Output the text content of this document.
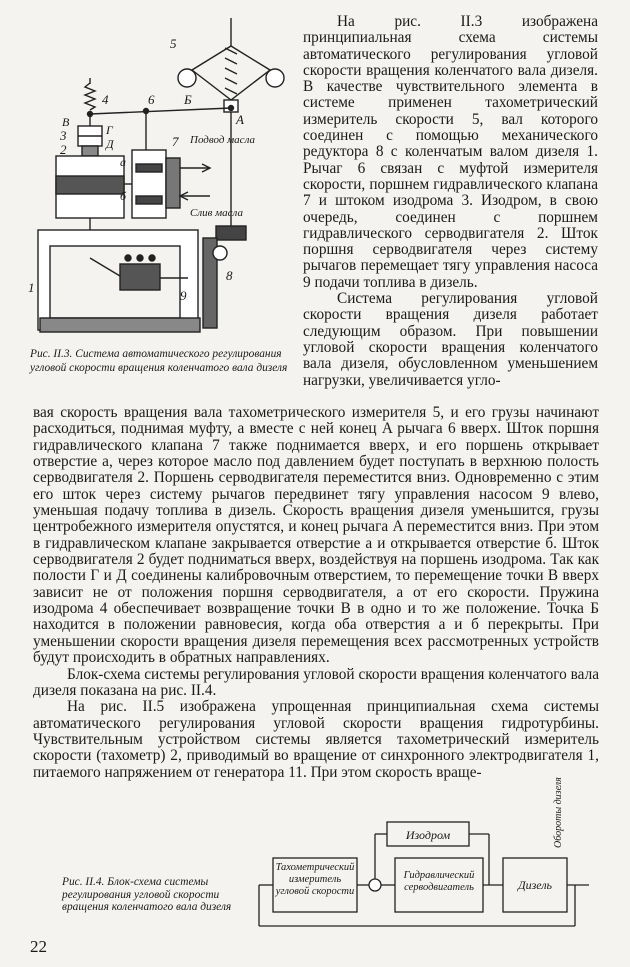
5
4	6 Б
A
В
Г
3
Д
2
7
а
б
8
1
9
Подвод масла
Слив масла
Рис. II.3. Система автоматического регулирования угловой скорости вращения коленчатого вала дизеля

На рис. II.3 изображена принципиальная схема системы автоматического регулирования угловой скорости вращения коленчатого вала дизеля. В качестве чувствительного элемента в системе применен тахометрический измеритель скорости 5, вал которого соединен с помощью механического редуктора 8 с коленчатым валом дизеля 1. Рычаг 6 связан с муфтой измерителя скорости, поршнем гидравлического клапана 7 и штоком изодрома 3. Изодром, в свою очередь, соединен с поршнем гидравлического серводвигателя 2. Шток поршня серводвигателя через систему рычагов перемещает тягу управления насоса 9 подачи топлива в дизель.

Система регулирования угловой скорости вращения дизеля работает следующим образом. При повышении угловой скорости вращения коленчатого вала дизеля, обусловленном уменьшением нагрузки, увеличивается угло-

вая скорость вращения вала тахометрического измерителя 5, и его грузы начинают расходиться, поднимая муфту, а вместе с ней конец A рычага 6 вверх. Шток поршня гидравлического клапана 7 также поднимается вверх, и его поршень открывает отверстие а, через которое масло под давлением будет поступать в верхнюю полость серводвигателя 2. Поршень серводвигателя переместится вниз. Одновременно с этим его шток через систему рычагов передвинет тягу управления насосом 9 влево, уменьшая подачу топлива в дизель. Скорость вращения дизеля уменьшится, грузы центробежного измерителя опустятся, и конец рычага A переместится вниз. При этом в гидравлическом клапане закрывается отверстие а и открывается отверстие б. Шток серводвигателя 2 будет подниматься вверх, воздействуя на поршень изодрома. Так как полости Г и Д соединены калибровочным отверстием, то перемещение точки В вверх зависит не от положения поршня серводвигателя, а от его скорости. Пружина изодрома 4 обеспечивает возвращение точки В в одно и то же положение. Точка Б находится в положении равновесия, когда оба отверстия а и б перекрыты. При уменьшении скорости вращения дизеля перемещения всех рассмотренных устройств будут происходить в обратных направлениях.

Блок-схема системы регулирования угловой скорости вращения коленчатого вала дизеля показана на рис. II.4.

На рис. II.5 изображена упрощенная принципиальная схема системы автоматического регулирования угловой скорости вращения гидротурбины. Чувствительным устройством системы является тахометрический измеритель скорости (тахометр) 2, приводимый во вращение от синхронного электродвигателя 1, питаемого напряжением от генератора 11. При этом скорость враще-

Изодром
Тахометрический измеритель угловой скорости
Гидравлический серводвигатель	Дизель
Обороты дизеля
Рис. II.4. Блок-схема системы регулирования угловой скорости вращения коленчатого вала дизеля
22
